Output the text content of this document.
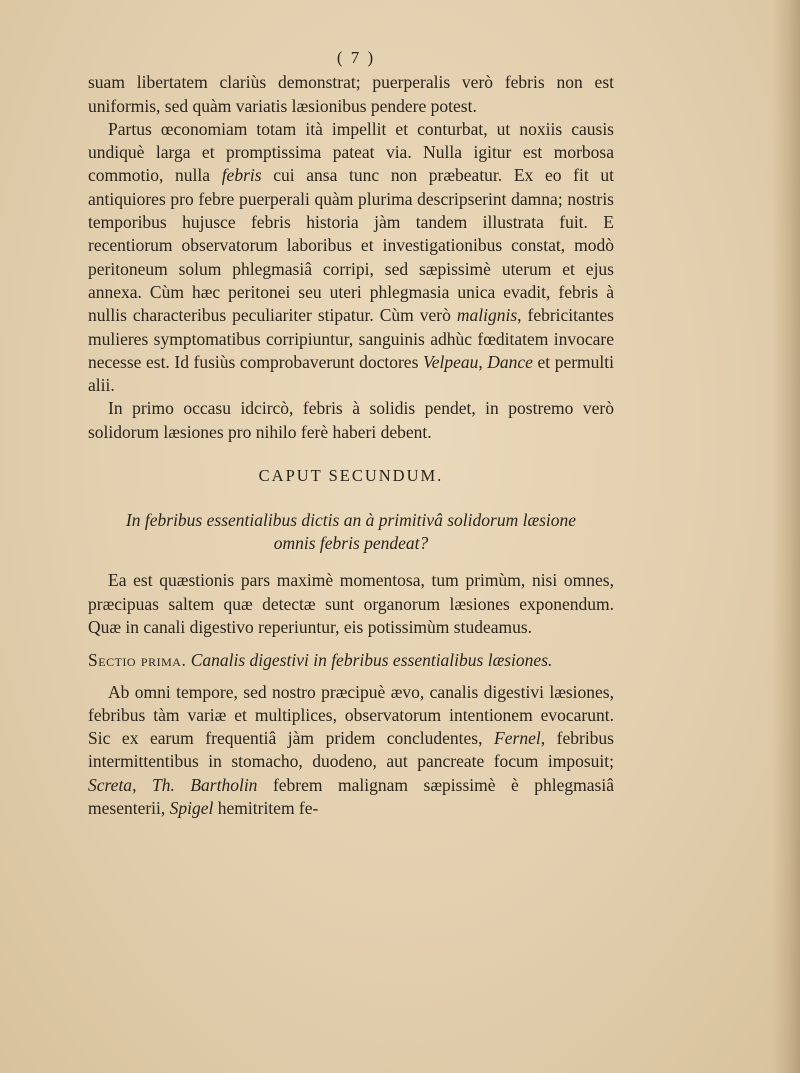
( 7 )

suam libertatem clariùs demonstrat; puerperalis verò febris non est uniformis, sed quàm variatis læsionibus pendere potest.

Partus œconomiam totam ità impellit et conturbat, ut noxiis causis undiquè larga et promptissima pateat via. Nulla igitur est morbosa commotio, nulla febris cui ansa tunc non præbeatur. Ex eo fit ut antiquiores pro febre puerperali quàm plurima descripserint damna; nostris temporibus hujusce febris historia jàm tandem illustrata fuit. E recentiorum observatorum laboribus et investigationibus constat, modò peritoneum solum phlegmasiâ corripi, sed sæpissimè uterum et ejus annexa. Cùm hæc peritonei seu uteri phlegmasia unica evadit, febris à nullis characteribus peculiariter stipatur. Cùm verò malignis, febricitantes mulieres symptomatibus corripiuntur, sanguinis adhùc fœditatem invocare necesse est. Id fusiùs comprobaverunt doctores Velpeau, Dance et permulti alii.

In primo occasu idcircò, febris à solidis pendet, in postremo verò solidorum læsiones pro nihilo ferè haberi debent.

CAPUT SECUNDUM.
In febribus essentialibus dictis an à primitivâ solidorum læsione
omnis febris pendeat?

Ea est quæstionis pars maximè momentosa, tum primùm, nisi omnes, præcipuas saltem quæ detectæ sunt organorum læsiones exponendum. Quæ in canali digestivo reperiuntur, eis potissimùm studeamus.

Sectio prima. Canalis digestivi in febribus essentialibus læsiones.

Ab omni tempore, sed nostro præcipuè ævo, canalis digestivi læsiones, febribus tàm variæ et multiplices, observatorum intentionem evocarunt. Sic ex earum frequentiâ jàm pridem concludentes, Fernel, febribus intermittentibus in stomacho, duodeno, aut pancreate focum imposuit; Screta, Th. Bartholin febrem malignam sæpissimè è phlegmasiâ mesenterii, Spigel hemitritem fe-
